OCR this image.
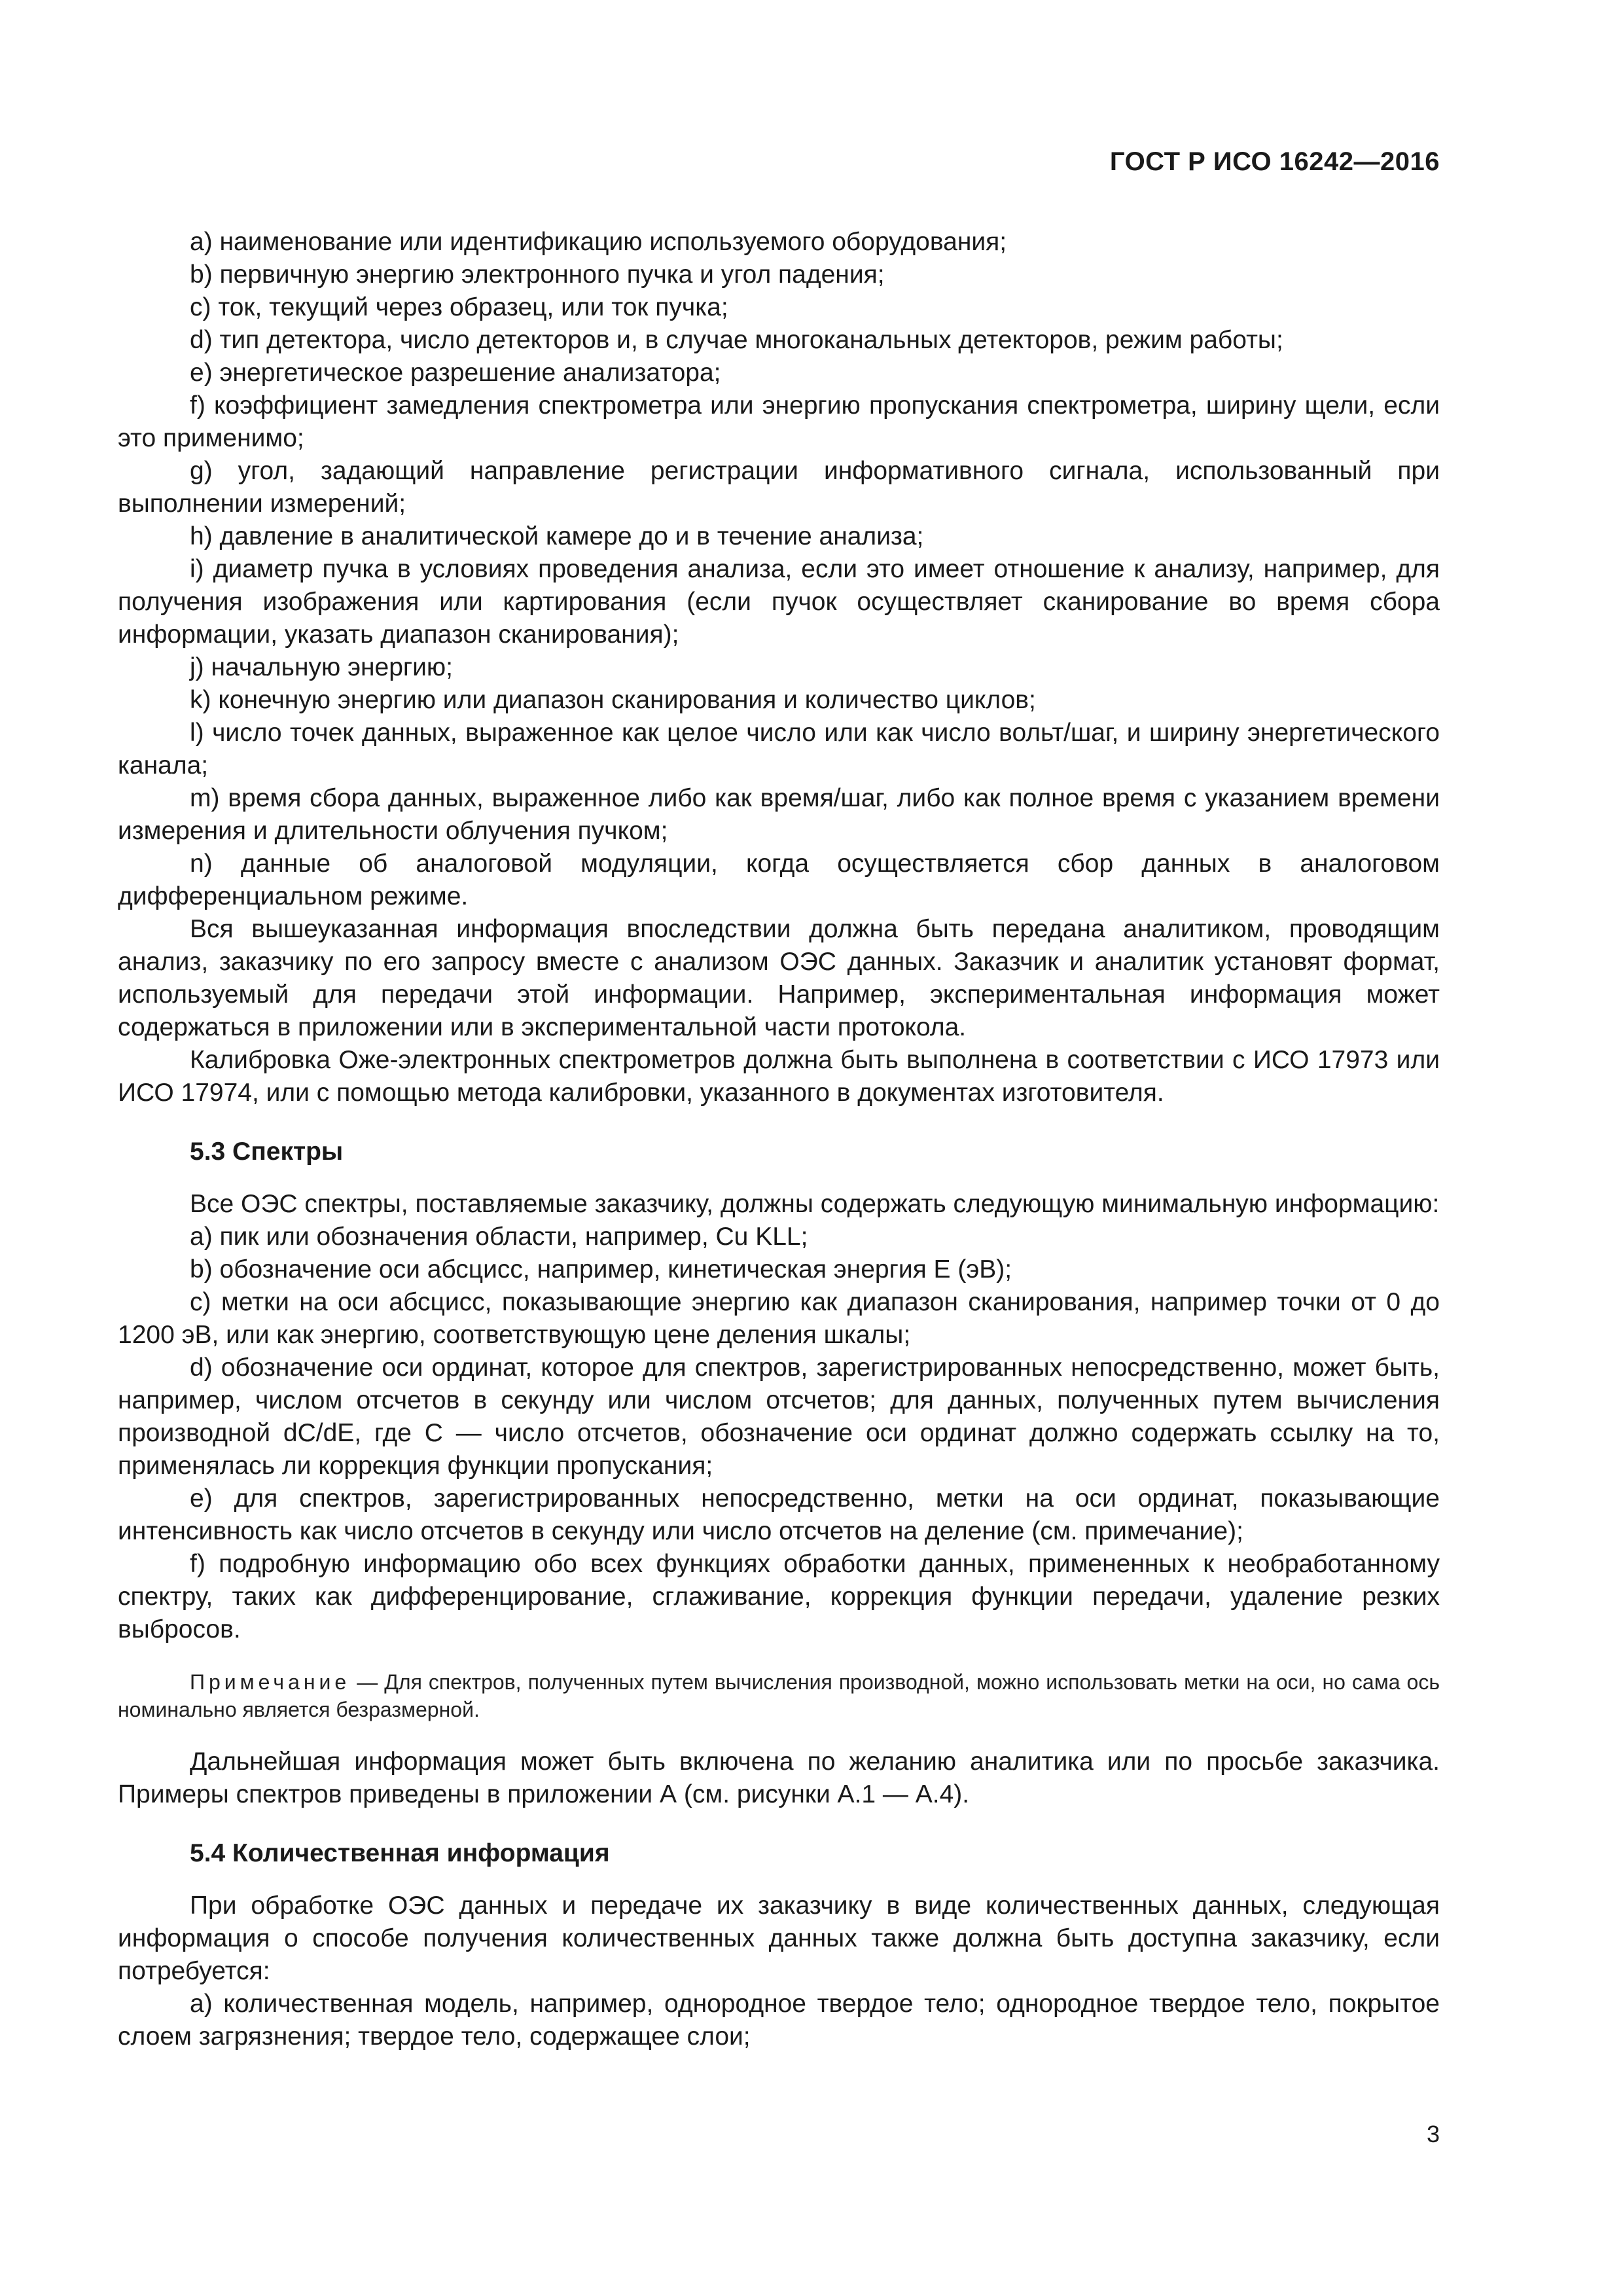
ГОСТ Р ИСО 16242—2016

a) наименование или идентификацию используемого оборудования;

b) первичную энергию электронного пучка и угол падения;

c) ток, текущий через образец, или ток пучка;

d) тип детектора, число детекторов и, в случае многоканальных детекторов, режим работы;

e) энергетическое разрешение анализатора;

f) коэффициент замедления спектрометра или энергию пропускания спектрометра, ширину щели, если это применимо;

g) угол, задающий направление регистрации информативного сигнала, использованный при выполнении измерений;

h) давление в аналитической камере до и в течение анализа;

i) диаметр пучка в условиях проведения анализа, если это имеет отношение к анализу, например, для получения изображения или картирования (если пучок осуществляет сканирование во время сбора информации, указать диапазон сканирования);

j) начальную энергию;

k) конечную энергию или диапазон сканирования и количество циклов;

l) число точек данных, выраженное как целое число или как число вольт/шаг, и ширину энергетического канала;

m) время сбора данных, выраженное либо как время/шаг, либо как полное время с указанием времени измерения и длительности облучения пучком;

n) данные об аналоговой модуляции, когда осуществляется сбор данных в аналоговом дифференциальном режиме.

Вся вышеуказанная информация впоследствии должна быть передана аналитиком, проводящим анализ, заказчику по его запросу вместе с анализом ОЭС данных. Заказчик и аналитик установят формат, используемый для передачи этой информации. Например, экспериментальная информация может содержаться в приложении или в экспериментальной части протокола.

Калибровка Оже-электронных спектрометров должна быть выполнена в соответствии с ИСО 17973 или ИСО 17974, или с помощью метода калибровки, указанного в документах изготовителя.

5.3 Спектры

Все ОЭС спектры, поставляемые заказчику, должны содержать следующую минимальную информацию:

a) пик или обозначения области, например, Cu KLL;

b) обозначение оси абсцисс, например, кинетическая энергия E (эВ);

c) метки на оси абсцисс, показывающие энергию как диапазон сканирования, например точки от 0 до 1200 эВ, или как энергию, соответствующую цене деления шкалы;

d) обозначение оси ординат, которое для спектров, зарегистрированных непосредственно, может быть, например, числом отсчетов в секунду или числом отсчетов; для данных, полученных путем вычисления производной dC/dE, где C — число отсчетов, обозначение оси ординат должно содержать ссылку на то, применялась ли коррекция функции пропускания;

e) для спектров, зарегистрированных непосредственно, метки на оси ординат, показывающие интенсивность как число отсчетов в секунду или число отсчетов на деление (см. примечание);

f) подробную информацию обо всех функциях обработки данных, примененных к необработанному спектру, таких как дифференцирование, сглаживание, коррекция функции передачи, удаление резких выбросов.

Примечание — Для спектров, полученных путем вычисления производной, можно использовать метки на оси, но сама ось номинально является безразмерной.

Дальнейшая информация может быть включена по желанию аналитика или по просьбе заказчика. Примеры спектров приведены в приложении А (см. рисунки А.1 — А.4).

5.4 Количественная информация

При обработке ОЭС данных и передаче их заказчику в виде количественных данных, следующая информация о способе получения количественных данных также должна быть доступна заказчику, если потребуется:

a) количественная модель, например, однородное твердое тело; однородное твердое тело, покрытое слоем загрязнения; твердое тело, содержащее слои;

3
